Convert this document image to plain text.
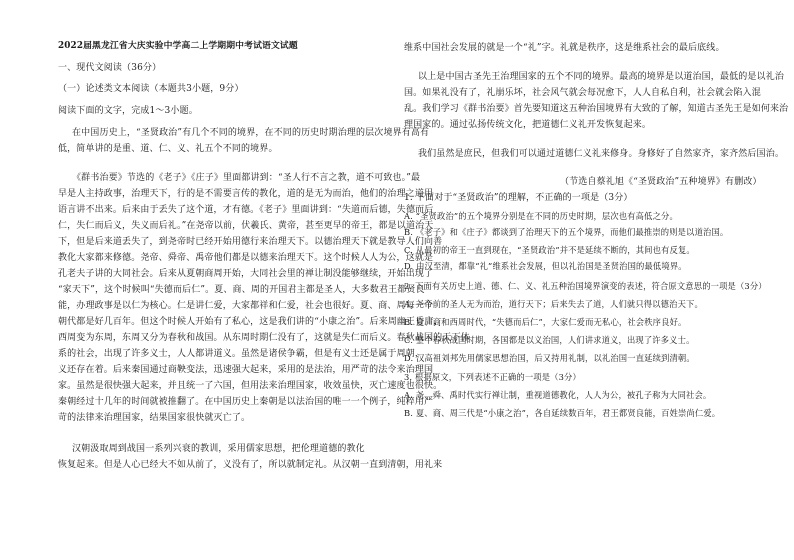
2022届黑龙江省大庆实验中学高二上学期期中考试语文试题
一、现代文阅读（36分）
（一）论述类文本阅读（本题共3小题，9分）
阅读下面的文字，完成1～3小题。
在中国历史上，“圣贤政治”有几个不同的境界，在不同的历史时期治理的层次境界有高有
低，简单讲的是重、道、仁、义、礼五个不同的境界。
《群书治要》节选的《老子》《庄子》里面都讲到：“圣人行不言之教，道不可致也。”最
早是人主持政事，治理天下，行的是不需要言传的教化，道的是无为而治，他们的治理之道用
语言讲不出来。后来由于丢失了这个道，才有德。《老子》里面讲到：“失道而后德，失德而后
仁，失仁而后义，失义而后礼。”在尧帝以前，伏羲氏、黄帝，甚至更早的帝王，都是以道治天
下，但是后来道丢失了，到尧帝时已经开始用德行来治理天下。以德治理天下就是教导人们向善
教化大家都来修德。尧帝、舜帝、禹帝他们都是以德来治理天下。这个时候人人为公，这就是
孔老夫子讲的大同社会。后来从夏朝商周开始，大同社会里的禅让制没能够继续，开始出现了
“家天下”，这个时候叫“失德而后仁”。夏、商、周的开国君主都是圣人，大多数君王都贤良
能，办理政事是以仁为核心。仁是讲仁爱，大家都祥和仁爱，社会也很好。夏、商、周每一个
朝代都是好几百年。但这个时候人开始有了私心，这是我们讲的“小康之治”。后来周幽王昏庸，
西周变为东周，东周又分为春秋和战国。从东周时期仁没有了，这就是失仁而后义。春秋战国的天下体
系的社会，出现了许多义士，人人都讲道义。虽然是诸侯争霸，但是有义士还是属于周朝，
义还存在着。后来秦国通过商鞅变法，迅速强大起来，采用的是法治，用严苛的法令来治理国
家。虽然是很快强大起来，并且统一了六国，但用法来治理国家，收效虽快，灭亡速度也很快。
秦朝经过十几年的时间就被推翻了。在中国历史上秦朝是以法治国的唯一一个例子，纯粹用严
苛的法律来治理国家，结果国家很快就灭亡了。
汉朝汲取周到战国一系列兴衰的教训，采用儒家思想，把伦理道德的教化
恢复起来。但是人心已经大不如从前了，义没有了，所以就制定礼。从汉朝一直到清朝，用礼来
维系中国社会发展的就是一个“礼”字。礼就是秩序，这是维系社会的最后底线。
以上是中国古圣先王治理国家的五个不同的境界。最高的境界是以道治国，最低的是以礼治
国。如果礼没有了，礼崩乐坏，社会风气就会每况愈下，人人自私自利，社会就会陷入混
乱。我们学习《群书治要》首先要知道这五种治国境界有大致的了解，知道古圣先王是如何来治
理国家的。通过弘扬传统文化，把道德仁义礼开发恢复起来。
我们虽然是庶民，但我们可以通过道德仁义礼来修身。身修好了自然家齐，家齐然后国治。
（节选自蔡礼旭《“圣贤政治”五种境界》有删改）
1. 下面对于“圣贤政治”的理解，不正确的一项是（3分）
A. “圣贤政治”的五个境界分别是在不同的历史时期，层次也有高低之分。
B. 《老子》和《庄子》都谈到了治理天下的五个境界，而他们最推崇的则是以道治国。
C. 从最初的帝王一直到现在，“圣贤政治”并不是延续不断的，其间也有反复。
D. 由汉至清，都靠“礼”维系社会发展，但以礼治国是圣贤治国的最低境界。
2. 下面有关历史上道、德、仁、义、礼五种治国境界演变的表述，符合原文意思的一项是（3分）
A. 尧帝前的圣人无为而治，道行天下；后来失去了道，人们就只得以德治天下。
B. 夏、商和西周时代，“失德而后仁”，大家仁爱而无私心，社会秩序良好。
C. 整个春秋战国时期，各国都是以义治国，人们讲求道义，出现了许多义士。
D. 汉高祖刘邦先用儒家思想治国，后又持用礼制，以礼治国一直延续到清朝。
3. 根据原文，下列表述不正确的一项是（3分）
A. 尧、舜、禹时代实行禅让制，重视道德教化，人人为公，被孔子称为大同社会。
B. 夏、商、周三代是“小康之治”，各自延续数百年，君王都贤良能，百姓崇尚仁爱。
